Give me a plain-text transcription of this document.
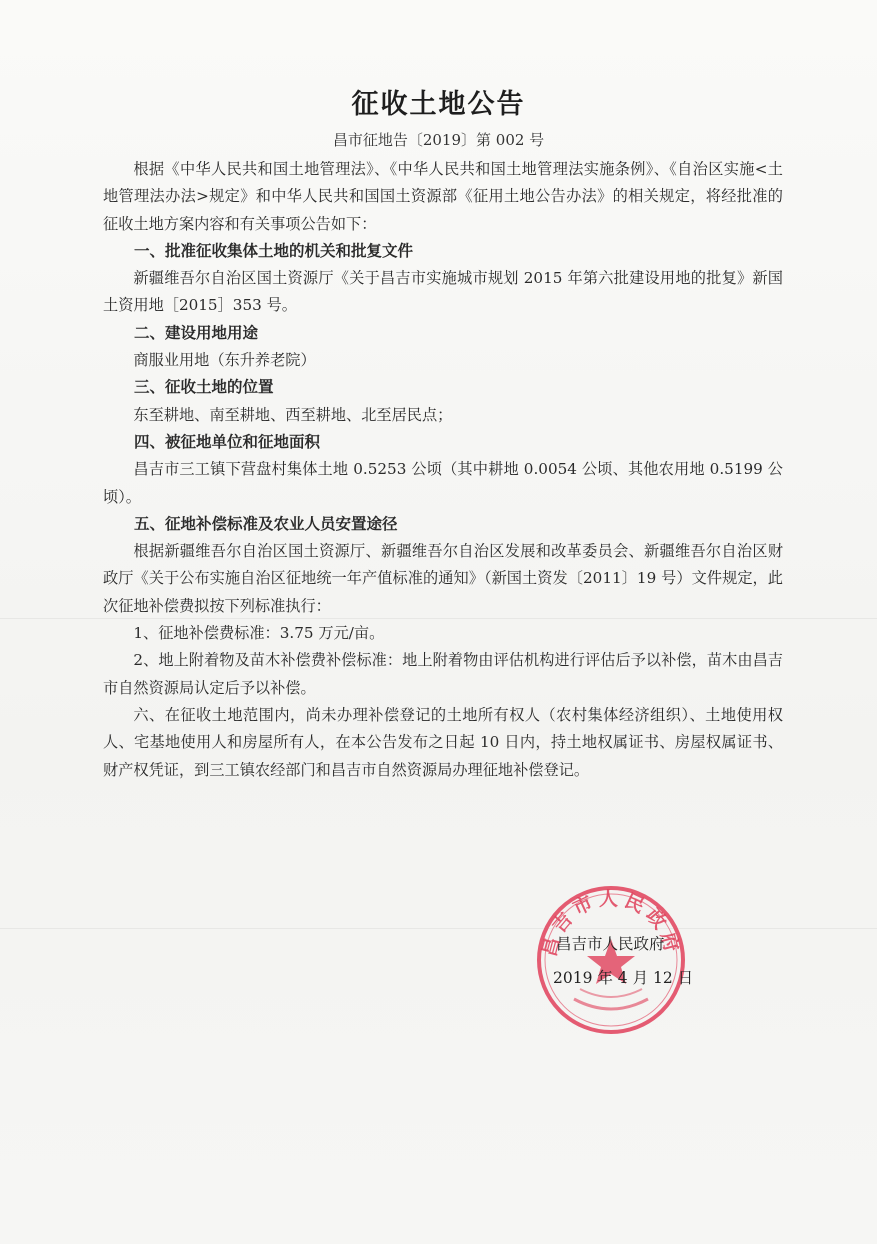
征收土地公告
昌市征地告〔2019〕第 002 号

根据《中华人民共和国土地管理法》、《中华人民共和国土地管理法实施条例》、《自治区实施<土地管理法办法>规定》和中华人民共和国国土资源部《征用土地公告办法》的相关规定，将经批准的征收土地方案内容和有关事项公告如下：

一、批准征收集体土地的机关和批复文件

新疆维吾尔自治区国土资源厅《关于昌吉市实施城市规划 2015 年第六批建设用地的批复》新国土资用地［2015］353 号。

二、建设用地用途

商服业用地（东升养老院）

三、征收土地的位置

东至耕地、南至耕地、西至耕地、北至居民点；

四、被征地单位和征地面积

昌吉市三工镇下营盘村集体土地 0.5253 公顷（其中耕地 0.0054 公顷、其他农用地 0.5199 公顷）。

五、征地补偿标准及农业人员安置途径

根据新疆维吾尔自治区国土资源厅、新疆维吾尔自治区发展和改革委员会、新疆维吾尔自治区财政厅《关于公布实施自治区征地统一年产值标准的通知》（新国土资发〔2011〕19 号）文件规定，此次征地补偿费拟按下列标准执行：

1、征地补偿费标准：3.75 万元/亩。

2、地上附着物及苗木补偿费补偿标准：地上附着物由评估机构进行评估后予以补偿，苗木由昌吉市自然资源局认定后予以补偿。

六、在征收土地范围内，尚未办理补偿登记的土地所有权人（农村集体经济组织）、土地使用权人、宅基地使用人和房屋所有人，在本公告发布之日起 10 日内，持土地权属证书、房屋权属证书、财产权凭证，到三工镇农经部门和昌吉市自然资源局办理征地补偿登记。

昌吉市人民政府
昌吉市人民政府
2019 年 4 月 12 日
